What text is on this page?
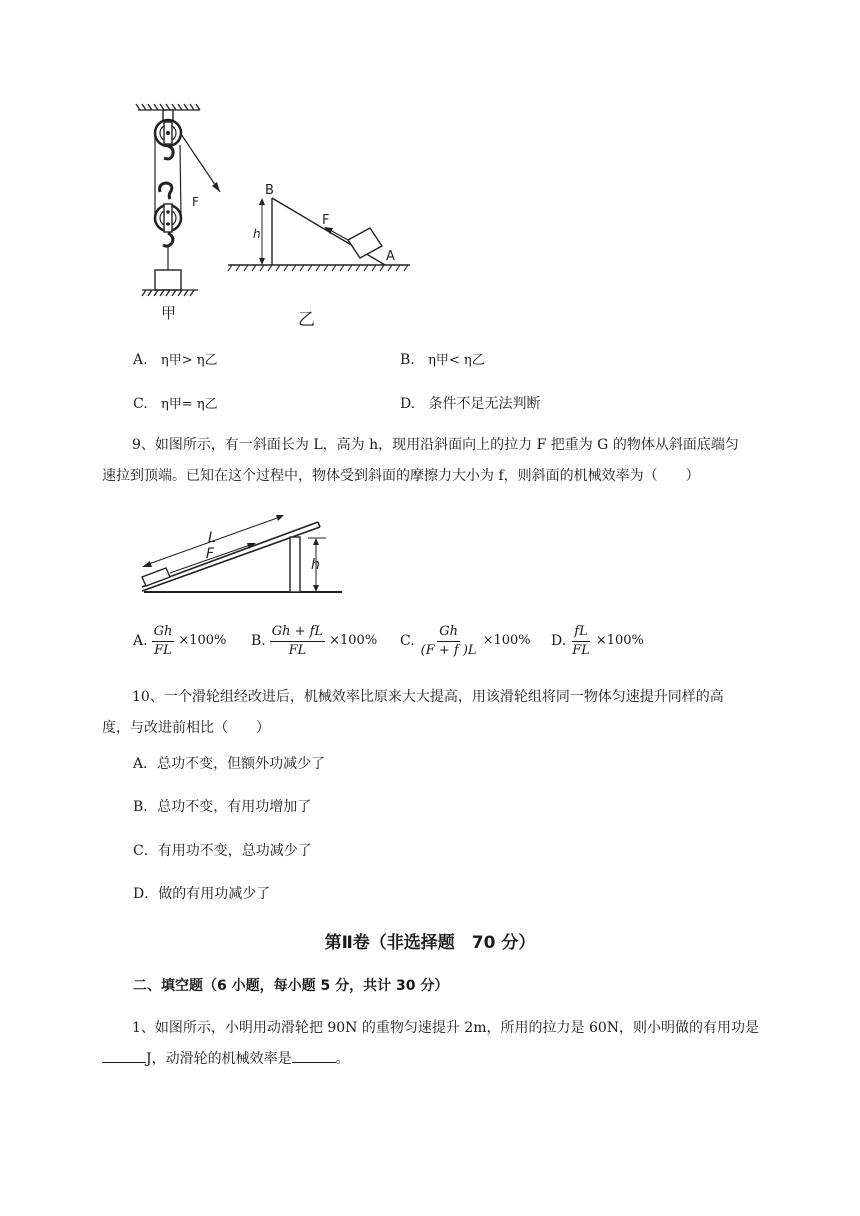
F
甲
F
B
A
h
乙
A. η甲> η乙	B. η甲< η乙
C. η甲= η乙	D. 条件不足无法判断
9、如图所示，有一斜面长为 L，高为 h，现用沿斜面向上的拉力 F 把重为 G 的物体从斜面底端匀
速拉到顶端。已知在这个过程中，物体受到斜面的摩擦力大小为 f，则斜面的机械效率为（　　）
L
F
h
A. $\frac{Gh}{FL} \times 100\%$ B. $\frac{Gh + fL}{FL} \times 100\%$ C. $\frac{Gh}{(F + f )L} \times 100\%$ D. $\frac{fL}{FL} \times 100\%$
10、一个滑轮组经改进后，机械效率比原来大大提高，用该滑轮组将同一物体匀速提升同样的高
度，与改进前相比（　　）
A．总功不变，但额外功减少了
B．总功不变，有用功增加了
C．有用功不变，总功减少了
D．做的有用功减少了
第Ⅱ卷（非选择题　70 分）
二、填空题（6 小题，每小题 5 分，共计 30 分）
1、如图所示，小明用动滑轮把 90N 的重物匀速提升 2m，所用的拉力是 60N，则小明做的有用功是
J，动滑轮的机械效率是	。
